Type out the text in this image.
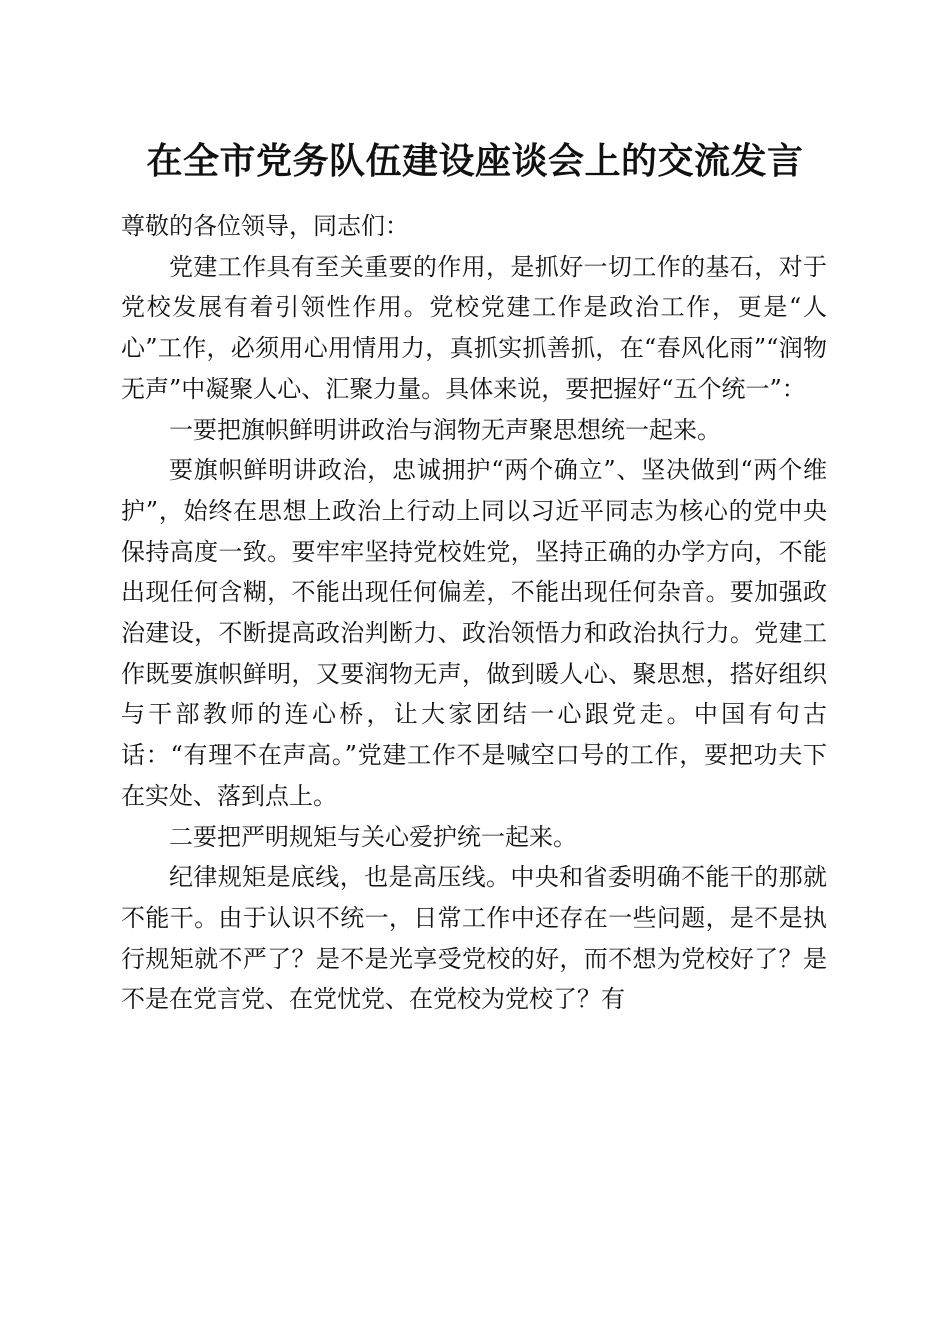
在全市党务队伍建设座谈会上的交流发言

尊敬的各位领导，同志们：

党建工作具有至关重要的作用，是抓好一切工作的基石，对于党校发展有着引领性作用。党校党建工作是政治工作，更是“人心”工作，必须用心用情用力，真抓实抓善抓，在“春风化雨”“润物无声”中凝聚人心、汇聚力量。具体来说，要把握好“五个统一”：

一要把旗帜鲜明讲政治与润物无声聚思想统一起来。

要旗帜鲜明讲政治，忠诚拥护“两个确立”、坚决做到“两个维护”，始终在思想上政治上行动上同以习近平同志为核心的党中央保持高度一致。要牢牢坚持党校姓党，坚持正确的办学方向，不能出现任何含糊，不能出现任何偏差，不能出现任何杂音。要加强政治建设，不断提高政治判断力、政治领悟力和政治执行力。党建工作既要旗帜鲜明，又要润物无声，做到暖人心、聚思想，搭好组织与干部教师的连心桥，让大家团结一心跟党走。中国有句古话：“有理不在声高。”党建工作不是喊空口号的工作，要把功夫下在实处、落到点上。

二要把严明规矩与关心爱护统一起来。

纪律规矩是底线，也是高压线。中央和省委明确不能干的那就不能干。由于认识不统一，日常工作中还存在一些问题，是不是执行规矩就不严了？是不是光享受党校的好，而不想为党校好了？是不是在党言党、在党忧党、在党校为党校了？有
